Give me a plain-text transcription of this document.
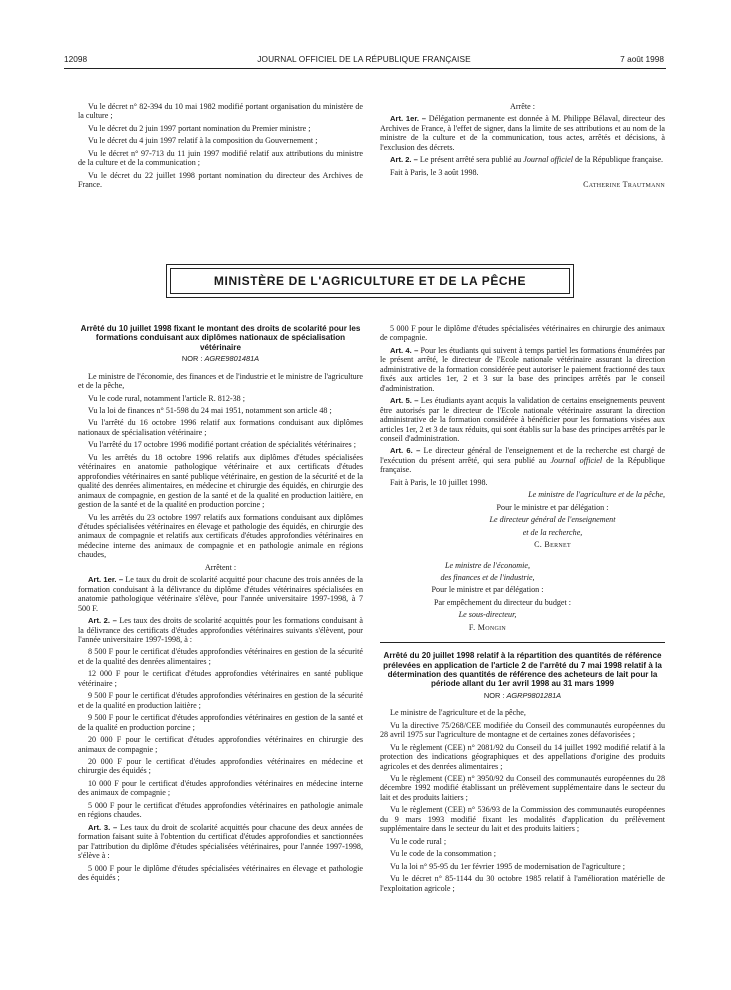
12098	JOURNAL OFFICIEL DE LA RÉPUBLIQUE FRANÇAISE	7 août 1998

Vu le décret n° 82-394 du 10 mai 1982 modifié portant organisation du ministère de la culture ;

Vu le décret du 2 juin 1997 portant nomination du Premier ministre ;

Vu le décret du 4 juin 1997 relatif à la composition du Gouvernement ;

Vu le décret n° 97-713 du 11 juin 1997 modifié relatif aux attributions du ministre de la culture et de la communication ;

Vu le décret du 22 juillet 1998 portant nomination du directeur des Archives de France.

Arrête :

Art. 1er. – Délégation permanente est donnée à M. Philippe Bélaval, directeur des Archives de France, à l'effet de signer, dans la limite de ses attributions et au nom de la ministre de la culture et de la communication, tous actes, arrêtés et décisions, à l'exclusion des décrets.

Art. 2. – Le présent arrêté sera publié au Journal officiel de la République française.

Fait à Paris, le 3 août 1998.

Catherine Trautmann

MINISTÈRE DE L'AGRICULTURE ET DE LA PÊCHE
Arrêté du 10 juillet 1998 fixant le montant des droits de scolarité pour les formations conduisant aux diplômes nationaux de spécialisation vétérinaire
NOR : AGRE9801481A

Le ministre de l'économie, des finances et de l'industrie et le ministre de l'agriculture et de la pêche,

Vu le code rural, notamment l'article R. 812-38 ;

Vu la loi de finances n° 51-598 du 24 mai 1951, notamment son article 48 ;

Vu l'arrêté du 16 octobre 1996 relatif aux formations conduisant aux diplômes nationaux de spécialisation vétérinaire ;

Vu l'arrêté du 17 octobre 1996 modifié portant création de spécialités vétérinaires ;

Vu les arrêtés du 18 octobre 1996 relatifs aux diplômes d'études spécialisées vétérinaires en anatomie pathologique vétérinaire et aux certificats d'études approfondies vétérinaires en santé publique vétérinaire, en gestion de la sécurité et de la qualité des denrées alimentaires, en médecine et chirurgie des équidés, en chirurgie des animaux de compagnie, en gestion de la santé et de la qualité en production laitière, en gestion de la santé et de la qualité en production porcine ;

Vu les arrêtés du 23 octobre 1997 relatifs aux formations conduisant aux diplômes d'études spécialisées vétérinaires en élevage et pathologie des équidés, en chirurgie des animaux de compagnie et relatifs aux certificats d'études approfondies vétérinaires en médecine interne des animaux de compagnie et en pathologie animale en régions chaudes,

Arrêtent :

Art. 1er. – Le taux du droit de scolarité acquitté pour chacune des trois années de la formation conduisant à la délivrance du diplôme d'études vétérinaires spécialisées en anatomie pathologique vétérinaire s'élève, pour l'année universitaire 1997-1998, à 7 500 F.

Art. 2. – Les taux des droits de scolarité acquittés pour les formations conduisant à la délivrance des certificats d'études approfondies vétérinaires suivants s'élèvent, pour l'année universitaire 1997-1998, à :

8 500 F pour le certificat d'études approfondies vétérinaires en gestion de la sécurité et de la qualité des denrées alimentaires ;

12 000 F pour le certificat d'études approfondies vétérinaires en santé publique vétérinaire ;

9 500 F pour le certificat d'études approfondies vétérinaires en gestion de la sécurité et de la qualité en production laitière ;

9 500 F pour le certificat d'études approfondies vétérinaires en gestion de la santé et de la qualité en production porcine ;

20 000 F pour le certificat d'études approfondies vétérinaires en chirurgie des animaux de compagnie ;

20 000 F pour le certificat d'études approfondies vétérinaires en médecine et chirurgie des équidés ;

10 000 F pour le certificat d'études approfondies vétérinaires en médecine interne des animaux de compagnie ;

5 000 F pour le certificat d'études approfondies vétérinaires en pathologie animale en régions chaudes.

Art. 3. – Les taux du droit de scolarité acquittés pour chacune des deux années de formation faisant suite à l'obtention du certificat d'études approfondies et sanctionnées par l'attribution du diplôme d'études spécialisées vétérinaires, pour l'année 1997-1998, s'élève à :

5 000 F pour le diplôme d'études spécialisées vétérinaires en élevage et pathologie des équidés ;

5 000 F pour le diplôme d'études spécialisées vétérinaires en chirurgie des animaux de compagnie.

Art. 4. – Pour les étudiants qui suivent à temps partiel les formations énumérées par le présent arrêté, le directeur de l'Ecole nationale vétérinaire assurant la direction administrative de la formation considérée peut autoriser le paiement fractionné des taux fixés aux articles 1er, 2 et 3 sur la base des principes arrêtés par le conseil d'administration.

Art. 5. – Les étudiants ayant acquis la validation de certains enseignements peuvent être autorisés par le directeur de l'Ecole nationale vétérinaire assurant la direction administrative de la formation considérée à bénéficier pour les formations visées aux articles 1er, 2 et 3 de taux réduits, qui sont établis sur la base des principes arrêtés par le conseil d'administration.

Art. 6. – Le directeur général de l'enseignement et de la recherche est chargé de l'exécution du présent arrêté, qui sera publié au Journal officiel de la République française.

Fait à Paris, le 10 juillet 1998.

Le ministre de l'agriculture et de la pêche,

Pour le ministre et par délégation :

Le directeur général de l'enseignement

et de la recherche,

C. Bernet

Le ministre de l'économie,

des finances et de l'industrie,

Pour le ministre et par délégation :

Par empêchement du directeur du budget :

Le sous-directeur,

F. Mongin

Arrêté du 20 juillet 1998 relatif à la répartition des quantités de référence prélevées en application de l'article 2 de l'arrêté du 7 mai 1998 relatif à la détermination des quantités de référence des acheteurs de lait pour la période allant du 1er avril 1998 au 31 mars 1999
NOR : AGRP9801281A

Le ministre de l'agriculture et de la pêche,

Vu la directive 75/268/CEE modifiée du Conseil des communautés européennes du 28 avril 1975 sur l'agriculture de montagne et de certaines zones défavorisées ;

Vu le règlement (CEE) n° 2081/92 du Conseil du 14 juillet 1992 modifié relatif à la protection des indications géographiques et des appellations d'origine des produits agricoles et des denrées alimentaires ;

Vu le règlement (CEE) n° 3950/92 du Conseil des communautés européennes du 28 décembre 1992 modifié établissant un prélèvement supplémentaire dans le secteur du lait et des produits laitiers ;

Vu le règlement (CEE) n° 536/93 de la Commission des communautés européennes du 9 mars 1993 modifié fixant les modalités d'application du prélèvement supplémentaire dans le secteur du lait et des produits laitiers ;

Vu le code rural ;

Vu le code de la consommation ;

Vu la loi n° 95-95 du 1er février 1995 de modernisation de l'agriculture ;

Vu le décret n° 85-1144 du 30 octobre 1985 relatif à l'amélioration matérielle de l'exploitation agricole ;
